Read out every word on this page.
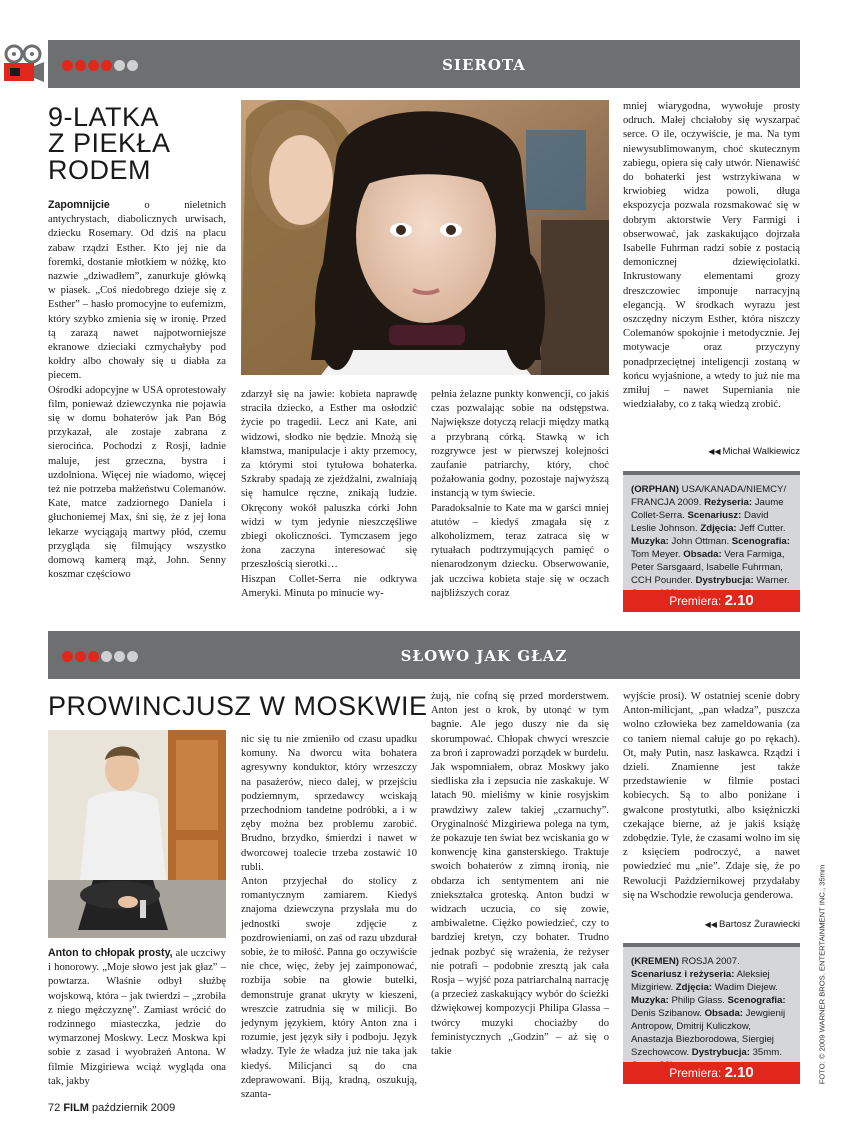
SIEROTA
9-LATKA
Z PIEKŁA
RODEM

Zapomnijcie o nieletnich antychrystach, diabolicznych urwisach, dziecku Rosemary. Od dziś na placu zabaw rządzi Esther. Kto jej nie da foremki, dostanie młotkiem w nóżkę, kto nazwie „dziwadłem”, zanurkuje główką w piasek. „Coś niedobrego dzieje się z Esther” – hasło promocyjne to eufemizm, który szybko zmienia się w ironię. Przed tą zarazą nawet najpotworniejsze ekranowe dzieciaki czmychałyby pod kołdry albo chowały się u diabła za piecem.

Ośrodki adopcyjne w USA oprotestowały film, ponieważ dziewczynka nie pojawia się w domu bohaterów jak Pan Bóg przykazał, ale zostaje zabrana z sierocińca. Pochodzi z Rosji, ładnie maluje, jest grzeczna, bystra i uzdolniona. Więcej nie wiadomo, więcej też nie potrzeba małżeństwu Colemanów. Kate, matce zadziornego Daniela i głuchoniemej Max, śni się, że z jej łona lekarze wyciągają martwy płód, czemu przygląda się filmujący wszystko domową kamerą mąż, John. Senny koszmar częściowo

zdarzył się na jawie: kobieta naprawdę straciła dziecko, a Esther ma osłodzić życie po tragedii. Lecz ani Kate, ani widzowi, słodko nie będzie. Mnożą się kłamstwa, manipulacje i akty przemocy, za którymi stoi tytułowa bohaterka. Szkraby spadają ze zjeżdżalni, zwalniają się hamulce ręczne, znikają ludzie. Okręcony wokół paluszka córki John widzi w tym jedynie nieszczęśliwe zbiegi okoliczności. Tymczasem jego żona zaczyna interesować się przeszłością sierotki…

Hiszpan Collet-Serra nie odkrywa Ameryki. Minuta po minucie wy-

pełnia żelazne punkty konwencji, co jakiś czas pozwalając sobie na odstępstwa. Największe dotyczą relacji między matką a przybraną córką. Stawką w ich rozgrywce jest w pierwszej kolejności zaufanie patriarchy, który, choć pożałowania godny, pozostaje najwyższą instancją w tym świecie.

Paradoksalnie to Kate ma w garści mniej atutów – kiedyś zmagała się z alkoholizmem, teraz zatraca się w rytuałach podtrzymujących pamięć o nienarodzonym dziecku. Obserwowanie, jak uczciwa kobieta staje się w oczach najbliższych coraz

mniej wiarygodna, wywołuje prosty odruch. Małej chciałoby się wyszarpać serce. O ile, oczywiście, je ma. Na tym niewysublimowanym, choć skutecznym zabiegu, opiera się cały utwór. Nienawiść do bohaterki jest wstrzykiwana w krwiobieg widza powoli, długa ekspozycja pozwala rozsmakować się w dobrym aktorstwie Very Farmigi i obserwować, jak zaskakująco dojrzała Isabelle Fuhrman radzi sobie z postacią demonicznej dziewięciolatki. Inkrustowany elementami grozy dreszczowiec imponuje narracyjną elegancją. W środkach wyrazu jest oszczędny niczym Esther, która niszczy Colemanów spokojnie i metodycznie. Jej motywacje oraz przyczyny ponadprzeciętnej inteligencji zostaną w końcu wyjaśnione, a wtedy to już nie ma zmiłuj – nawet Superniania nie wiedziałaby, co z taką wiedzą zrobić.

◀◀ Michał Walkiewicz
(ORPHAN) USA/KANADA/NIEMCY/ FRANCJA 2009. Reżyseria: Jaume Collet-Serra. Scenariusz: David Leslie Johnson. Zdjęcia: Jeff Cutter. Muzyka: John Ottman. Scenografia: Tom Meyer. Obsada: Vera Farmiga, Peter Sarsgaard, Isabelle Fuhrman, CCH Pounder. Dystrybucja: Warner.
Premiera: 2.10
SŁOWO JAK GŁAZ
PROWINCJUSZ W MOSKWIE

Anton to chłopak prosty, ale uczciwy i honorowy. „Moje słowo jest jak głaz” – powtarza. Właśnie odbył służbę wojskową, która – jak twierdzi – „zrobiła z niego mężczyznę”. Zamiast wrócić do rodzinnego miasteczka, jedzie do wymarzonej Moskwy. Lecz Moskwa kpi sobie z zasad i wyobrażeń Antona. W filmie Mizgiriewa wciąż wygląda ona tak, jakby

nic się tu nie zmieniło od czasu upadku komuny. Na dworcu wita bohatera agresywny konduktor, który wrzeszczy na pasażerów, nieco dalej, w przejściu podziemnym, sprzedawcy wciskają przechodniom tandetne podróbki, a i w zęby można bez problemu zarobić. Brudno, brzydko, śmierdzi i nawet w dworcowej toalecie trzeba zostawić 10 rubli.

Anton przyjechał do stolicy z romantycznym zamiarem. Kiedyś znajoma dziewczyna przysłała mu do jednostki swoje zdjęcie z pozdrowieniami, on zaś od razu ubzdurał sobie, że to miłość. Panna go oczywiście nie chce, więc, żeby jej zaimponować, rozbija sobie na głowie butelki, demonstruje granat ukryty w kieszeni, wreszcie zatrudnia się w milicji. Bo jedynym językiem, który Anton zna i rozumie, jest język siły i podboju. Język władzy. Tyle że władza już nie taka jak kiedyś. Milicjanci są do cna zdeprawowani. Biją, kradną, oszukują, szanta-

żują, nie cofną się przed morderstwem. Anton jest o krok, by utonąć w tym bagnie. Ale jego duszy nie da się skorumpować. Chłopak chwyci wreszcie za broń i zaprowadzi porządek w burdelu.

Jak wspomniałem, obraz Moskwy jako siedliska zła i zepsucia nie zaskakuje. W latach 90. mieliśmy w kinie rosyjskim prawdziwy zalew takiej „czarnuchy”. Oryginalność Mizgiriewa polega na tym, że pokazuje ten świat bez wciskania go w konwencję kina gansterskiego. Traktuje swoich bohaterów z zimną ironią, nie obdarza ich sentymentem ani nie zniekształca groteską. Anton budzi w widzach uczucia, co się zowie, ambiwaletne. Ciężko powiedzieć, czy to bardziej kretyn, czy bohater. Trudno jednak pozbyć się wrażenia, że reżyser nie potrafi – podobnie zresztą jak cała Rosja – wyjść poza patriarchalną narrację (a przecież zaskakujący wybór do ścieżki dźwiękowej kompozycji Philipa Glassa – twórcy muzyki chociażby do feministycznych „Godzin” – aż się o takie

wyjście prosi). W ostatniej scenie dobry Anton-milicjant, „pan władza”, puszcza wolno człowieka bez zameldowania (za co taniem niemal całuje go po rękach). Ot, mały Putin, nasz łaskawca. Rządzi i dzieli. Znamienne jest także przedstawienie w filmie postaci kobiecych. Są to albo poniżane i gwałcone prostytutki, albo księżniczki czekające bierne, aż je jakiś książę zdobędzie. Tyle, że czasami wolno im się z księciem podroczyć, a nawet powiedzieć mu „nie”. Zdaje się, że po Rewolucji Październikowej przydałaby się na Wschodzie rewolucja genderowa.

◀◀ Bartosz Żurawiecki
(KREMEN) ROSJA 2007. Scenariusz i reżyseria: Aleksiej Mizgiriew. Zdjęcia: Wadim Diejew. Muzyka: Philip Glass. Scenografia: Denis Szibanow. Obsada: Jewgienij Antropow, Dmitrij Kuliczkow, Anastazja Biezborodowa, Siergiej Szechowcow. Dystrybucja: 35mm.
Premiera: 2.10	FOTO: © 2009 WARNER BROS. ENTERTAINMENT INC., 35mm
72 FILM październik 2009
